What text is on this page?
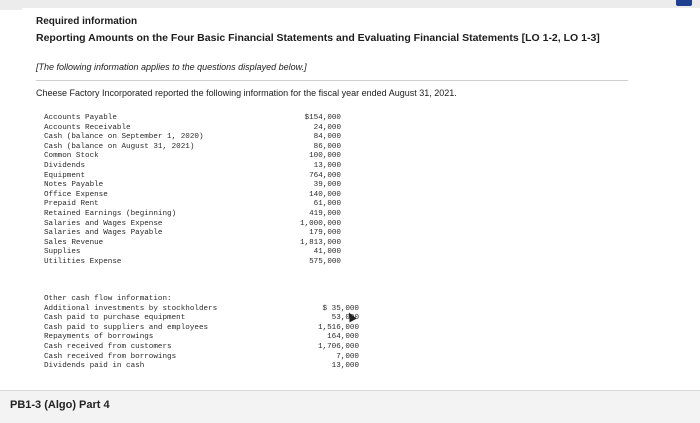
Required information
Reporting Amounts on the Four Basic Financial Statements and Evaluating Financial Statements [LO 1-2, LO 1-3]
[The following information applies to the questions displayed below.]
Cheese Factory Incorporated reported the following information for the fiscal year ended August 31, 2021.
Accounts Payable	$154,000
Accounts Receivable	24,000
Cash (balance on September 1, 2020)	84,000
Cash (balance on August 31, 2021)	86,000
Common Stock	100,000
Dividends	13,000
Equipment	764,000
Notes Payable	39,000
Office Expense	140,000
Prepaid Rent	61,000
Retained Earnings (beginning)	419,000
Salaries and Wages Expense	1,000,000
Salaries and Wages Payable	179,000
Sales Revenue	1,813,000
Supplies	41,000
Utilities Expense	575,000
Other cash flow information:
Additional investments by stockholders	$ 35,000
Cash paid to purchase equipment	53,000
Cash paid to suppliers and employees	1,516,000
Repayments of borrowings	164,000
Cash received from customers	1,706,000
Cash received from borrowings	7,000
Dividends paid in cash	13,000
PB1-3 (Algo) Part 4
